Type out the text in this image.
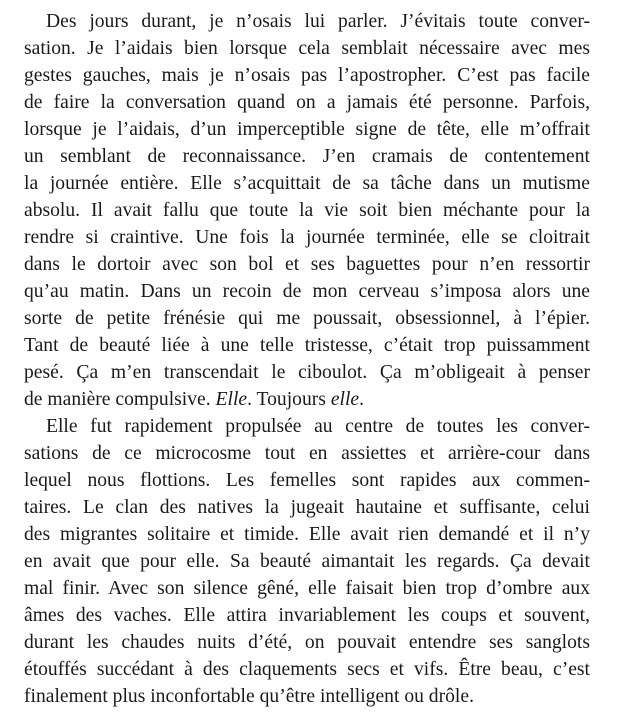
Des jours durant, je n’osais lui parler. J’évitais toute conver-

sation. Je l’aidais bien lorsque cela semblait nécessaire avec mes

gestes gauches, mais je n’osais pas l’apostropher. C’est pas facile

de faire la conversation quand on a jamais été personne. Parfois,

lorsque je l’aidais, d’un imperceptible signe de tête, elle m’offrait

un semblant de reconnaissance. J’en cramais de contentement

la journée entière. Elle s’acquittait de sa tâche dans un mutisme

absolu. Il avait fallu que toute la vie soit bien méchante pour la

rendre si craintive. Une fois la journée terminée, elle se cloitrait

dans le dortoir avec son bol et ses baguettes pour n’en ressortir

qu’au matin. Dans un recoin de mon cerveau s’imposa alors une

sorte de petite frénésie qui me poussait, obsessionnel, à l’épier.

Tant de beauté liée à une telle tristesse, c’était trop puissamment

pesé. Ça m’en transcendait le ciboulot. Ça m’obligeait à penser

de manière compulsive. Elle. Toujours elle.

Elle fut rapidement propulsée au centre de toutes les conver-

sations de ce microcosme tout en assiettes et arrière-cour dans

lequel nous flottions. Les femelles sont rapides aux commen-

taires. Le clan des natives la jugeait hautaine et suffisante, celui

des migrantes solitaire et timide. Elle avait rien demandé et il n’y

en avait que pour elle. Sa beauté aimantait les regards. Ça devait

mal finir. Avec son silence gêné, elle faisait bien trop d’ombre aux

âmes des vaches. Elle attira invariablement les coups et souvent,

durant les chaudes nuits d’été, on pouvait entendre ses sanglots

étouffés succédant à des claquements secs et vifs. Être beau, c’est

finalement plus inconfortable qu’être intelligent ou drôle.
